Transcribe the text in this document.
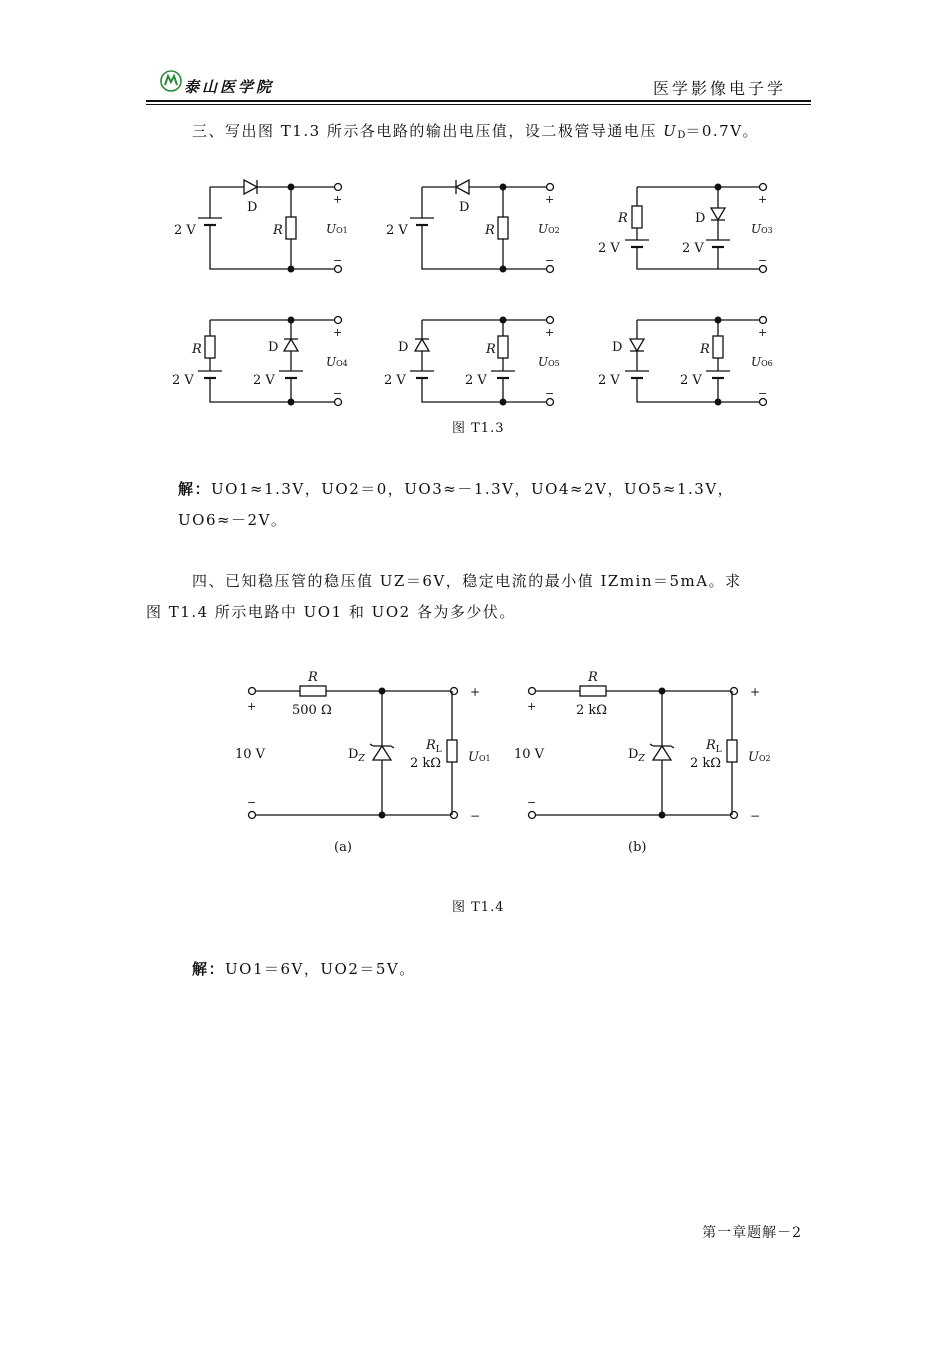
泰山医学院	医学影像电子学
三、写出图 T1.3 所示各电路的输出电压值，设二极管导通电压 $U_D=0.7V$。
2 V
D
R
+
−
UO1	2 V
D
R
+
−
UO2
R
2 V
D
2 V
+
−
UO3
R
2 V
D
2 V
+
−
UO4
D
2 V
R
2 V
+
−
UO5
D
2 V
R
2 V
+
−
UO6
图 T1.3
解：UO1≈1.3V，UO2＝0，UO3≈－1.3V，UO4≈2V，UO5≈1.3V，
UO6≈－2V。
四、已知稳压管的稳压值 UZ＝6V，稳定电流的最小值 IZmin＝5mA。求
图 T1.4 所示电路中 UO1 和 UO2 各为多少伏。
R
500 Ω
+
10 V
−
$D_Z$
$R_L$
2 kΩ UO1
+
−
(a)
R
2 kΩ
+
10 V
−
$D_Z$
$R_L$
2 kΩ UO2
+
−
(b)
图 T1.4
解：UO1＝6V，UO2＝5V。
第一章题解－2
